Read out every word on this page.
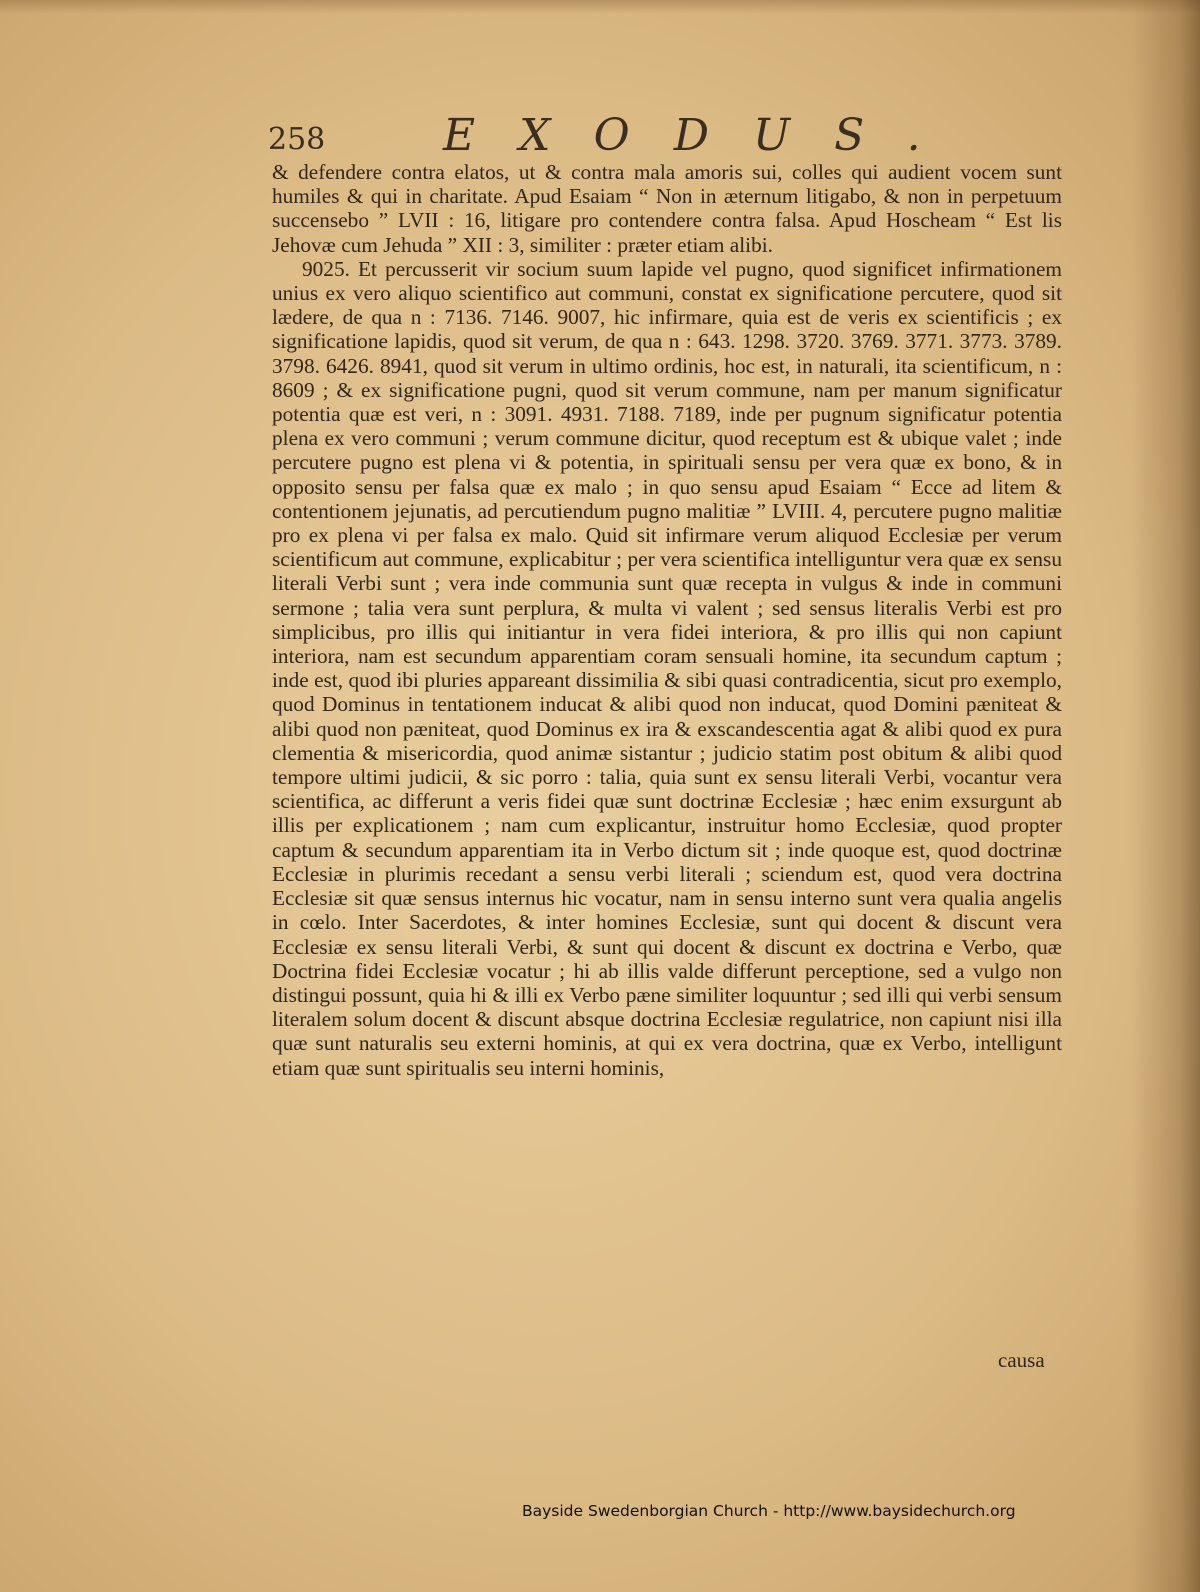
258	EXODUS.

& defendere contra elatos, ut & contra mala amoris sui, colles qui audient vocem sunt humiles & qui in charitate. Apud Esaiam “ Non in æternum litigabo, & non in perpetuum succensebo ” LVII : 16, litigare pro contendere contra falsa. Apud Hoscheam “ Est lis Jehovæ cum Jehuda ” XII : 3, similiter : præter etiam alibi.

9025. Et percusserit vir socium suum lapide vel pugno, quod significet infirmationem unius ex vero aliquo scientifico aut communi, constat ex significatione percutere, quod sit lædere, de qua n : 7136. 7146. 9007, hic infirmare, quia est de veris ex scientificis ; ex significatione lapidis, quod sit verum, de qua n : 643. 1298. 3720. 3769. 3771. 3773. 3789. 3798. 6426. 8941, quod sit verum in ultimo ordinis, hoc est, in naturali, ita scientificum, n : 8609 ; & ex significatione pugni, quod sit verum commune, nam per manum significatur potentia quæ est veri, n : 3091. 4931. 7188. 7189, inde per pugnum significatur potentia plena ex vero communi ; verum commune dicitur, quod receptum est & ubique valet ; inde percutere pugno est plena vi & potentia, in spirituali sensu per vera quæ ex bono, & in opposito sensu per falsa quæ ex malo ; in quo sensu apud Esaiam “ Ecce ad litem & contentionem jejunatis, ad percutiendum pugno malitiæ ” LVIII. 4, percutere pugno malitiæ pro ex plena vi per falsa ex malo. Quid sit infirmare verum aliquod Ecclesiæ per verum scientificum aut commune, explicabitur ; per vera scientifica intelliguntur vera quæ ex sensu literali Verbi sunt ; vera inde communia sunt quæ recepta in vulgus & inde in communi sermone ; talia vera sunt perplura, & multa vi valent ; sed sensus literalis Verbi est pro simplicibus, pro illis qui initiantur in vera fidei interiora, & pro illis qui non capiunt interiora, nam est secundum apparentiam coram sensuali homine, ita secundum captum ; inde est, quod ibi pluries appareant dissimilia & sibi quasi contradicentia, sicut pro exemplo, quod Dominus in tentationem inducat & alibi quod non inducat, quod Domini pæniteat & alibi quod non pæniteat, quod Dominus ex ira & exscandescentia agat & alibi quod ex pura clementia & misericordia, quod animæ sistantur ; judicio statim post obitum & alibi quod tempore ultimi judicii, & sic porro : talia, quia sunt ex sensu literali Verbi, vocantur vera scientifica, ac differunt a veris fidei quæ sunt doctrinæ Ecclesiæ ; hæc enim exsurgunt ab illis per explicationem ; nam cum explicantur, instruitur homo Ecclesiæ, quod propter captum & secundum apparentiam ita in Verbo dictum sit ; inde quoque est, quod doctrinæ Ecclesiæ in plurimis recedant a sensu verbi literali ; sciendum est, quod vera doctrina Ecclesiæ sit quæ sensus internus hic vocatur, nam in sensu interno sunt vera qualia angelis in cœlo. Inter Sacerdotes, & inter homines Ecclesiæ, sunt qui docent & discunt vera Ecclesiæ ex sensu literali Verbi, & sunt qui docent & discunt ex doctrina e Verbo, quæ Doctrina fidei Ecclesiæ vocatur ; hi ab illis valde differunt perceptione, sed a vulgo non distingui possunt, quia hi & illi ex Verbo pæne similiter loquuntur ; sed illi qui verbi sensum literalem solum docent & discunt absque doctrina Ecclesiæ regulatrice, non capiunt nisi illa quæ sunt naturalis seu externi hominis, at qui ex vera doctrina, quæ ex Verbo, intelligunt etiam quæ sunt spiritualis seu interni hominis,

causa
Bayside Swedenborgian Church - http://www.baysidechurch.org
